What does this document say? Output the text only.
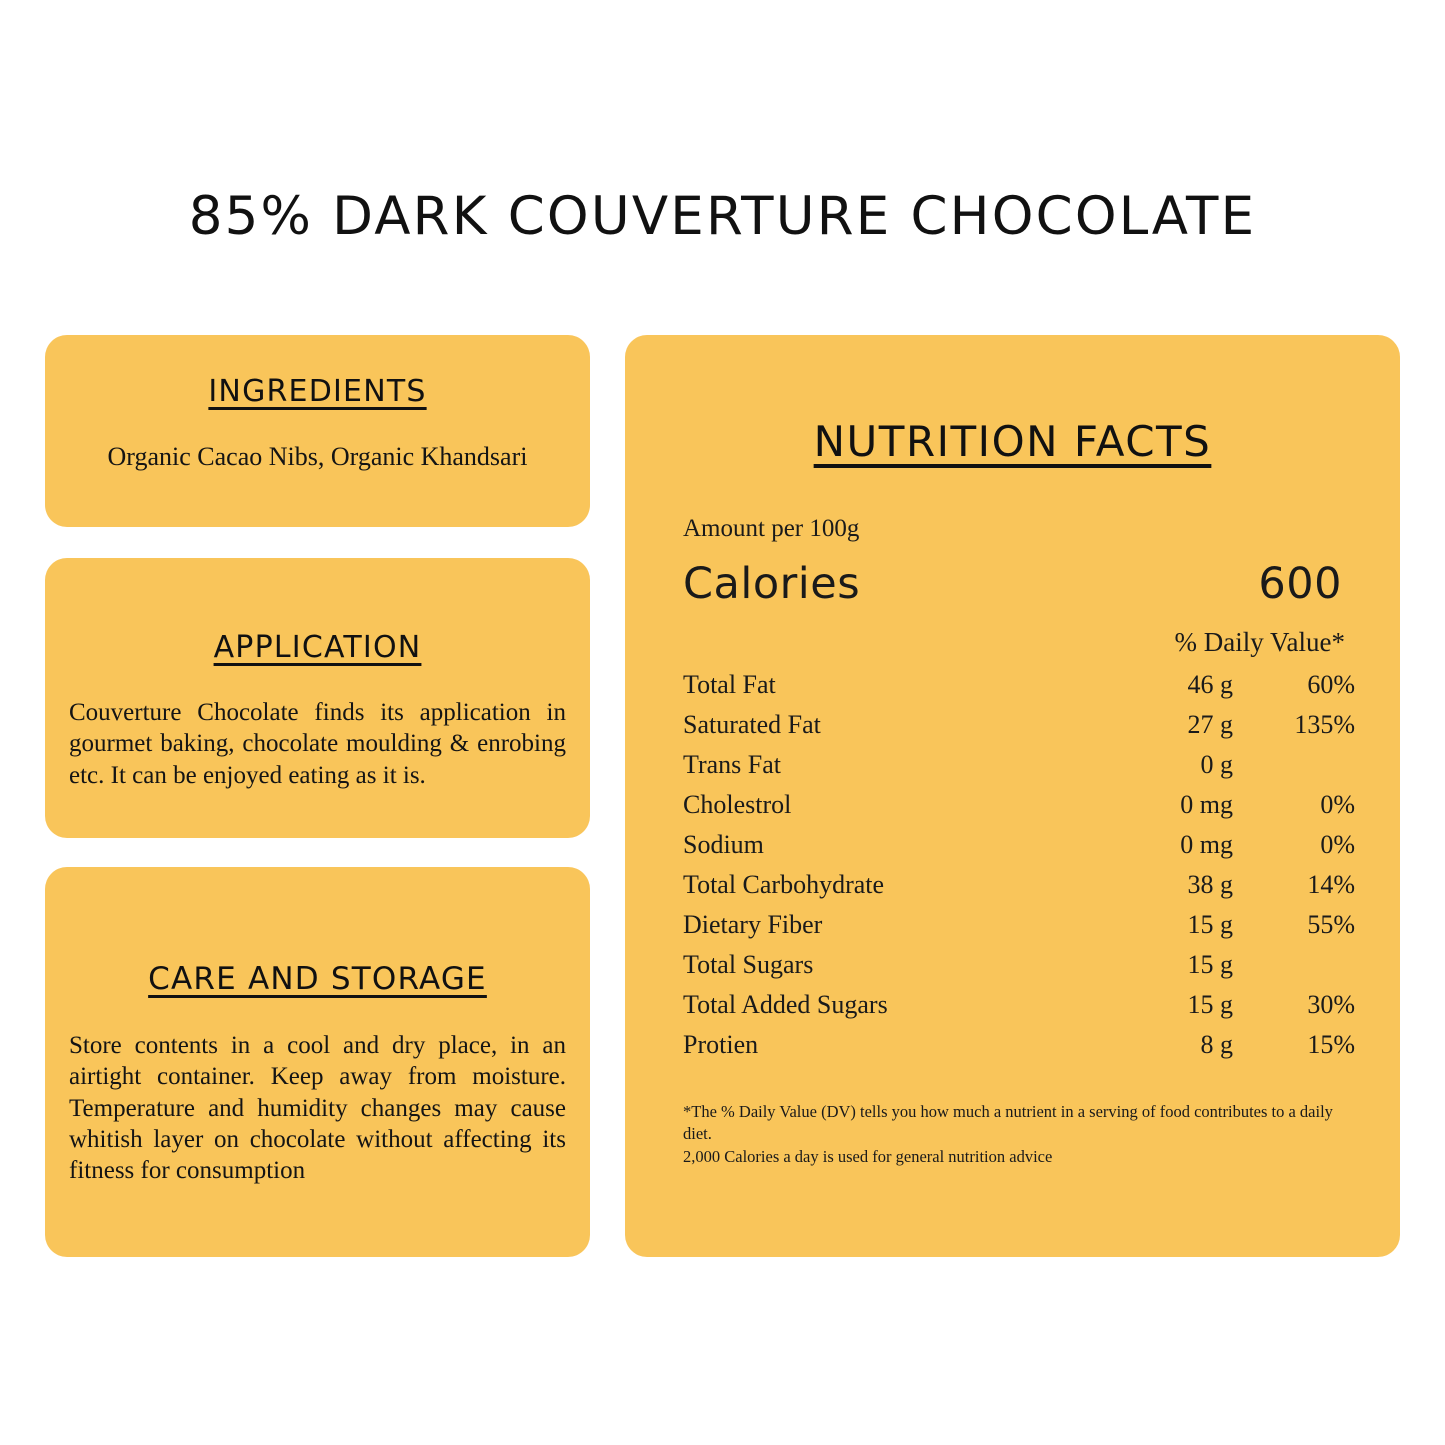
85% DARK COUVERTURE CHOCOLATE
INGREDIENTS
Organic Cacao Nibs, Organic Khandsari
APPLICATION
Couverture Chocolate finds its application in gourmet baking, chocolate moulding & enrobing etc. It can be enjoyed eating as it is.
CARE AND STORAGE
Store contents in a cool and dry place, in an airtight container. Keep away from moisture. Temperature and humidity changes may cause whitish layer on chocolate without affecting its fitness for consumption
NUTRITION FACTS
Amount per 100g
Calories	600
% Daily Value*
Total Fat	46 g	60%
Saturated Fat	27 g	135%
Trans Fat	0 g	
Cholestrol	0 mg	0%
Sodium	0 mg	0%
Total Carbohydrate	38 g	14%
Dietary Fiber	15 g	55%
Total Sugars	15 g	
Total Added Sugars	15 g	30%
Protien	8 g	15%
*The % Daily Value (DV) tells you how much a nutrient in a serving of food contributes to a daily diet.
2,000 Calories a day is used for general nutrition advice
